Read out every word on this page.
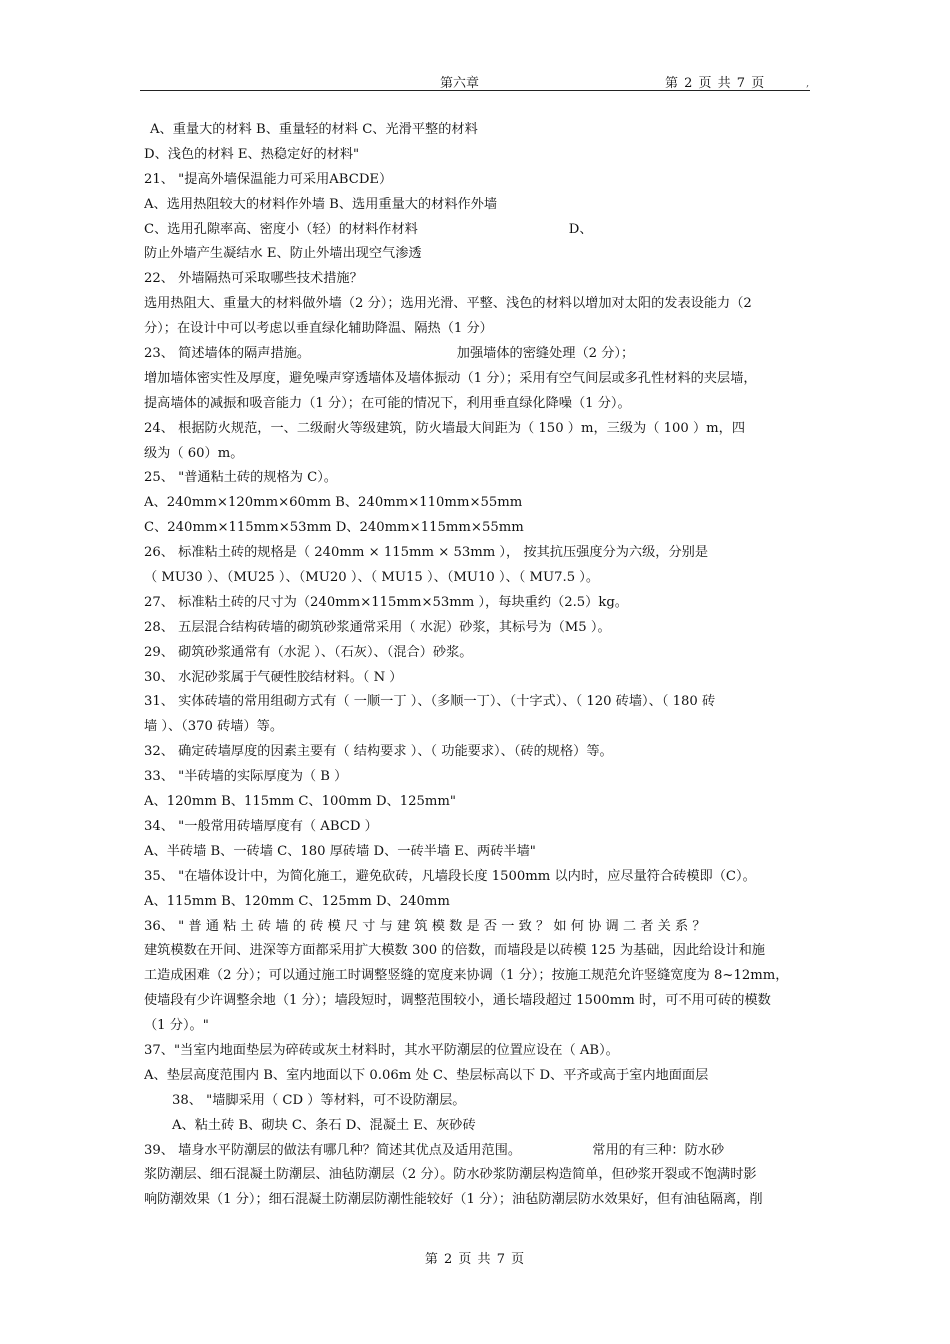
第六章	第 2 页 共 7 页	,
A、重量大的材料 B、重量轻的材料 C、光滑平整的材料
D、浅色的材料 E、热稳定好的材料"
21、 "提高外墙保温能力可采用ABCDE）
A、选用热阻较大的材料作外墙 B、选用重量大的材料作外墙
C、选用孔隙率高、密度小（轻）的材料作材料                                    D、
防止外墙产生凝结水 E、防止外墙出现空气渗透
22、 外墙隔热可采取哪些技术措施？
选用热阻大、重量大的材料做外墙（2 分）；选用光滑、平整、浅色的材料以增加对太阳的发表设能力（2
分）；在设计中可以考虑以垂直绿化辅助降温、隔热（1 分）
23、 简述墙体的隔声措施。                                   加强墙体的密缝处理（2 分）；
增加墙体密实性及厚度，避免噪声穿透墙体及墙体振动（1 分）；采用有空气间层或多孔性材料的夹层墙，
提高墙体的减振和吸音能力（1 分）；在可能的情况下，利用垂直绿化降噪（1 分）。
24、 根据防火规范，一、二级耐火等级建筑，防火墙最大间距为（ 150 ）m，三级为（ 100 ）m，四
级为（ 60）m。
25、 "普通粘土砖的规格为 C）。
A、240mm×120mm×60mm B、240mm×110mm×55mm
C、240mm×115mm×53mm D、240mm×115mm×55mm
26、 标准粘土砖的规格是（ 240mm × 115mm × 53mm ）， 按其抗压强度分为六级，分别是
（ MU30 ）、（MU25 ）、（MU20 ）、（ MU15 ）、（MU10 ）、（ MU7.5 ）。
27、 标准粘土砖的尺寸为（240mm×115mm×53mm ），每块重约（2.5）kg。
28、 五层混合结构砖墙的砌筑砂浆通常采用（ 水泥）砂浆，其标号为（M5 ）。
29、 砌筑砂浆通常有（水泥 ）、（石灰）、（混合）砂浆。
30、 水泥砂浆属于气硬性胶结材料。（ N ）
31、 实体砖墙的常用组砌方式有（ 一顺一丁 ）、（多顺一丁）、（十字式）、（ 120 砖墙）、（ 180 砖
墙 ）、（370 砖墙）等。
32、 确定砖墙厚度的因素主要有（ 结构要求 ）、（ 功能要求）、（砖的规格）等。
33、 "半砖墙的实际厚度为（ B ）
A、120mm B、115mm C、100mm D、125mm"
34、 "一般常用砖墙厚度有（ ABCD ）
A、半砖墙 B、一砖墙 C、180 厚砖墙 D、一砖半墙 E、两砖半墙"
35、 "在墙体设计中，为简化施工，避免砍砖，凡墙段长度 1500mm 以内时，应尽量符合砖模即（C）。
A、115mm B、120mm C、125mm D、240mm
36、 " 普 通 粘 土 砖 墙 的 砖 模 尺 寸 与 建 筑 模 数 是 否 一 致 ？ 如 何 协 调 二 者 关 系 ？
建筑模数在开间、进深等方面都采用扩大模数 300 的倍数，而墙段是以砖模 125 为基础，因此给设计和施
工造成困难（2 分）；可以通过施工时调整竖缝的宽度来协调（1 分）；按施工规范允许竖缝宽度为 8~12mm，
使墙段有少许调整余地（1 分）；墙段短时，调整范围较小，通长墙段超过 1500mm 时，可不用可砖的模数
（1 分）。"
37、"当室内地面垫层为碎砖或灰土材料时，其水平防潮层的位置应设在（ AB）。
A、垫层高度范围内 B、室内地面以下 0.06m 处 C、垫层标高以下 D、平齐或高于室内地面面层
38、 "墙脚采用（ CD ）等材料，可不设防潮层。
A、粘土砖 B、砌块 C、条石 D、混凝土 E、灰砂砖
39、 墙身水平防潮层的做法有哪几种？简述其优点及适用范围。                 常用的有三种：防水砂
浆防潮层、细石混凝土防潮层、油毡防潮层（2 分）。防水砂浆防潮层构造简单，但砂浆开裂或不饱满时影
响防潮效果（1 分）；细石混凝土防潮层防潮性能较好（1 分）；油毡防潮层防水效果好，但有油毡隔离，削
第 2 页 共 7 页
